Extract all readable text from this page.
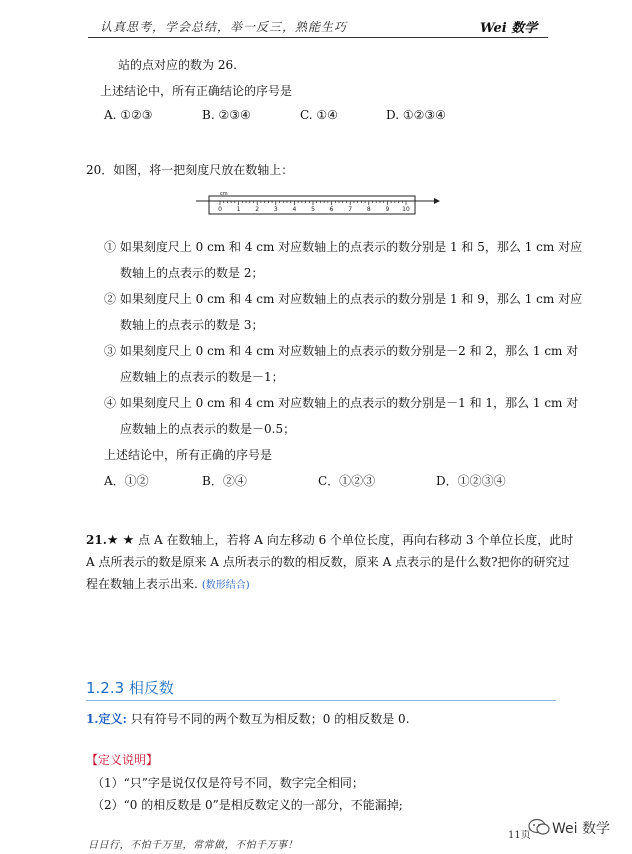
认真思考，学会总结，举一反三，熟能生巧	Wei 数学
站的点对应的数为 26.
上述结论中，所有正确结论的序号是
A. ①②③	B. ②③④	C. ①④	D. ①②③④
20．如图，将一把刻度尺放在数轴上：
cm
0 1 2 3 4 5 6 7 8 9 10
① 如果刻度尺上 0 cm 和 4 cm 对应数轴上的点表示的数分别是 1 和 5，那么 1 cm 对应
数轴上的点表示的数是 2；
② 如果刻度尺上 0 cm 和 4 cm 对应数轴上的点表示的数分别是 1 和 9，那么 1 cm 对应
数轴上的点表示的数是 3；
③ 如果刻度尺上 0 cm 和 4 cm 对应数轴上的点表示的数分别是－2 和 2，那么 1 cm 对
应数轴上的点表示的数是－1；
④ 如果刻度尺上 0 cm 和 4 cm 对应数轴上的点表示的数分别是－1 和 1，那么 1 cm 对
应数轴上的点表示的数是－0.5；
上述结论中，所有正确的序号是
A．①②	B．②④	C．①②③	D．①②③④
21.★ ★ 点 A 在数轴上，若将 A 向左移动 6 个单位长度，再向右移动 3 个单位长度，此时
A 点所表示的数是原来 A 点所表示的数的相反数，原来 A 点表示的是什么数?把你的研究过
程在数轴上表示出来. (数形结合)
1.2.3 相反数
1.定义: 只有符号不同的两个数互为相反数；0 的相反数是 0.
【定义说明】
（1）“只”字是说仅仅是符号不同，数字完全相同；
（2）“0 的相反数是 0”是相反数定义的一部分，不能漏掉;
日日行，不怕千万里，常常做，不怕千万事！
11页 Wei 数学
